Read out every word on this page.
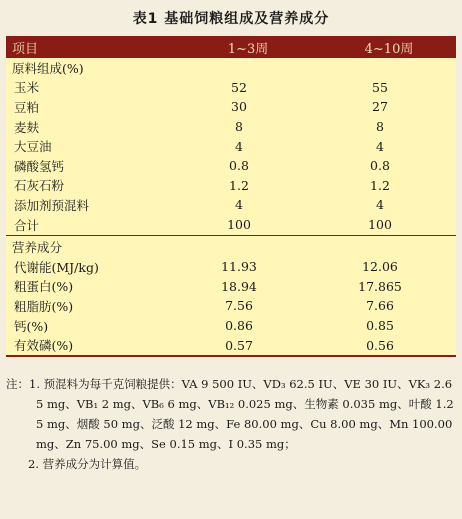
表1 基础饲粮组成及营养成分
项目	1~3周	4~10周
原料组成(%)
玉米	52	55
豆粕	30	27
麦麸	8	8
大豆油	4	4
磷酸氢钙	0.8	0.8
石灰石粉	1.2	1.2
添加剂预混料	4	4
合计	100	100
营养成分
代谢能(MJ/kg)	11.93	12.06
粗蛋白(%)	18.94	17.865
粗脂肪(%)	7.56	7.66
钙(%)	0.86	0.85
有效磷(%)	0.57	0.56
注：1. 预混料为每千克饲粮提供：VA 9 500 IU、VD₃ 62.5 IU、VE 30 IU、VK₃ 2.65 mg、VB₁ 2 mg、VB₆ 6 mg、VB₁₂ 0.025 mg、生物素 0.035 mg、叶酸 1.25 mg、烟酸 50 mg、泛酸 12 mg、Fe 80.00 mg、Cu 8.00 mg、Mn 100.00 mg、Zn 75.00 mg、Se 0.15 mg、I 0.35 mg；
2. 营养成分为计算值。
